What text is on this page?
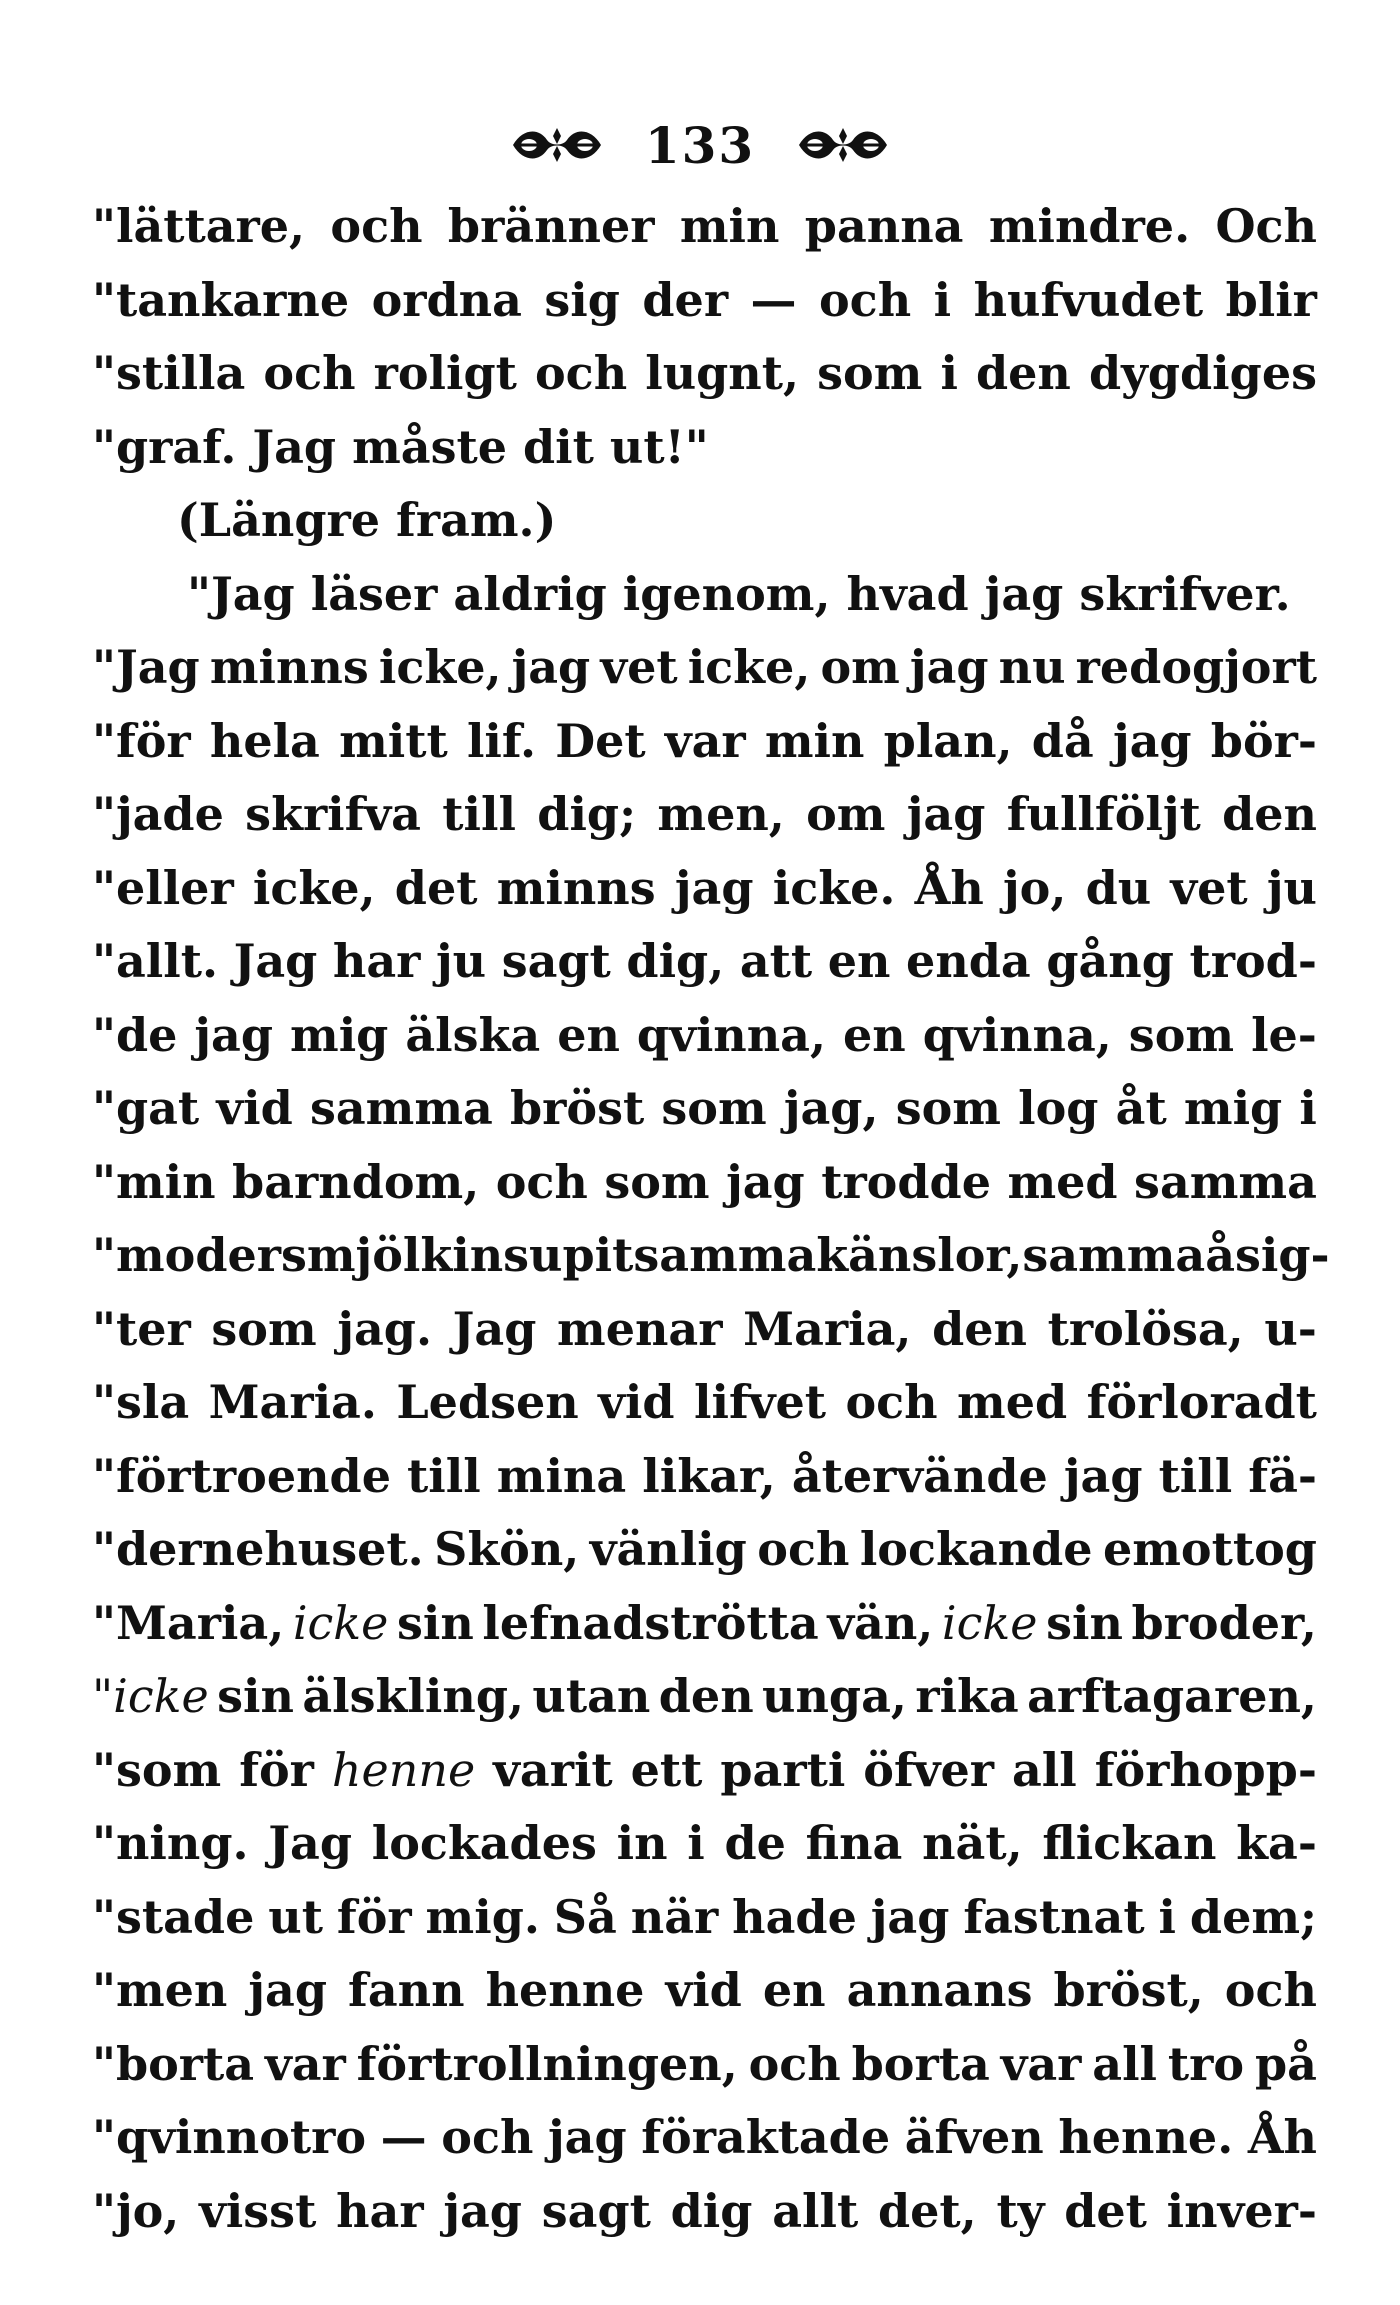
133
"lättare, och bränner min panna mindre. Och
"tankarne ordna sig der — och i hufvudet blir
"stilla och roligt och lugnt, som i den dygdiges
"graf.
Jag
måste
dit
ut!"
(Längre
fram.)
"Jag
läser
aldrig
igenom,
hvad
jag
skrifver.
"Jag minns icke, jag vet icke, om jag nu redogjort
"för hela mitt lif. Det var min plan, då jag bör-
"jade skrifva till dig; men, om jag fullföljt den
"eller icke, det minns jag icke. Åh jo, du vet ju
"allt. Jag har ju sagt dig, att en enda gång trod-
"de jag mig älska en qvinna, en qvinna, som le-
"gat vid samma bröst som jag, som log åt mig i
"min barndom, och som jag trodde med samma
"modersmjölk insupit samma känslor, samma åsig-
"ter som jag. Jag menar Maria, den trolösa, u-
"sla Maria. Ledsen vid lifvet och med förloradt
"förtroende till mina likar, återvände jag till fä-
"dernehuset. Skön, vänlig och lockande emottog
"Maria, icke sin lefnadströtta vän, icke sin broder,
"icke sin älskling, utan den unga, rika arftagaren,
"som för henne varit ett parti öfver all förhopp-
"ning. Jag lockades in i de fina nät, flickan ka-
"stade ut för mig. Så när hade jag fastnat i dem;
"men jag fann henne vid en annans bröst, och
"borta var förtrollningen, och borta var all tro på
"qvinnotro — och jag föraktade äfven henne. Åh
"jo, visst har jag sagt dig allt det, ty det inver-
